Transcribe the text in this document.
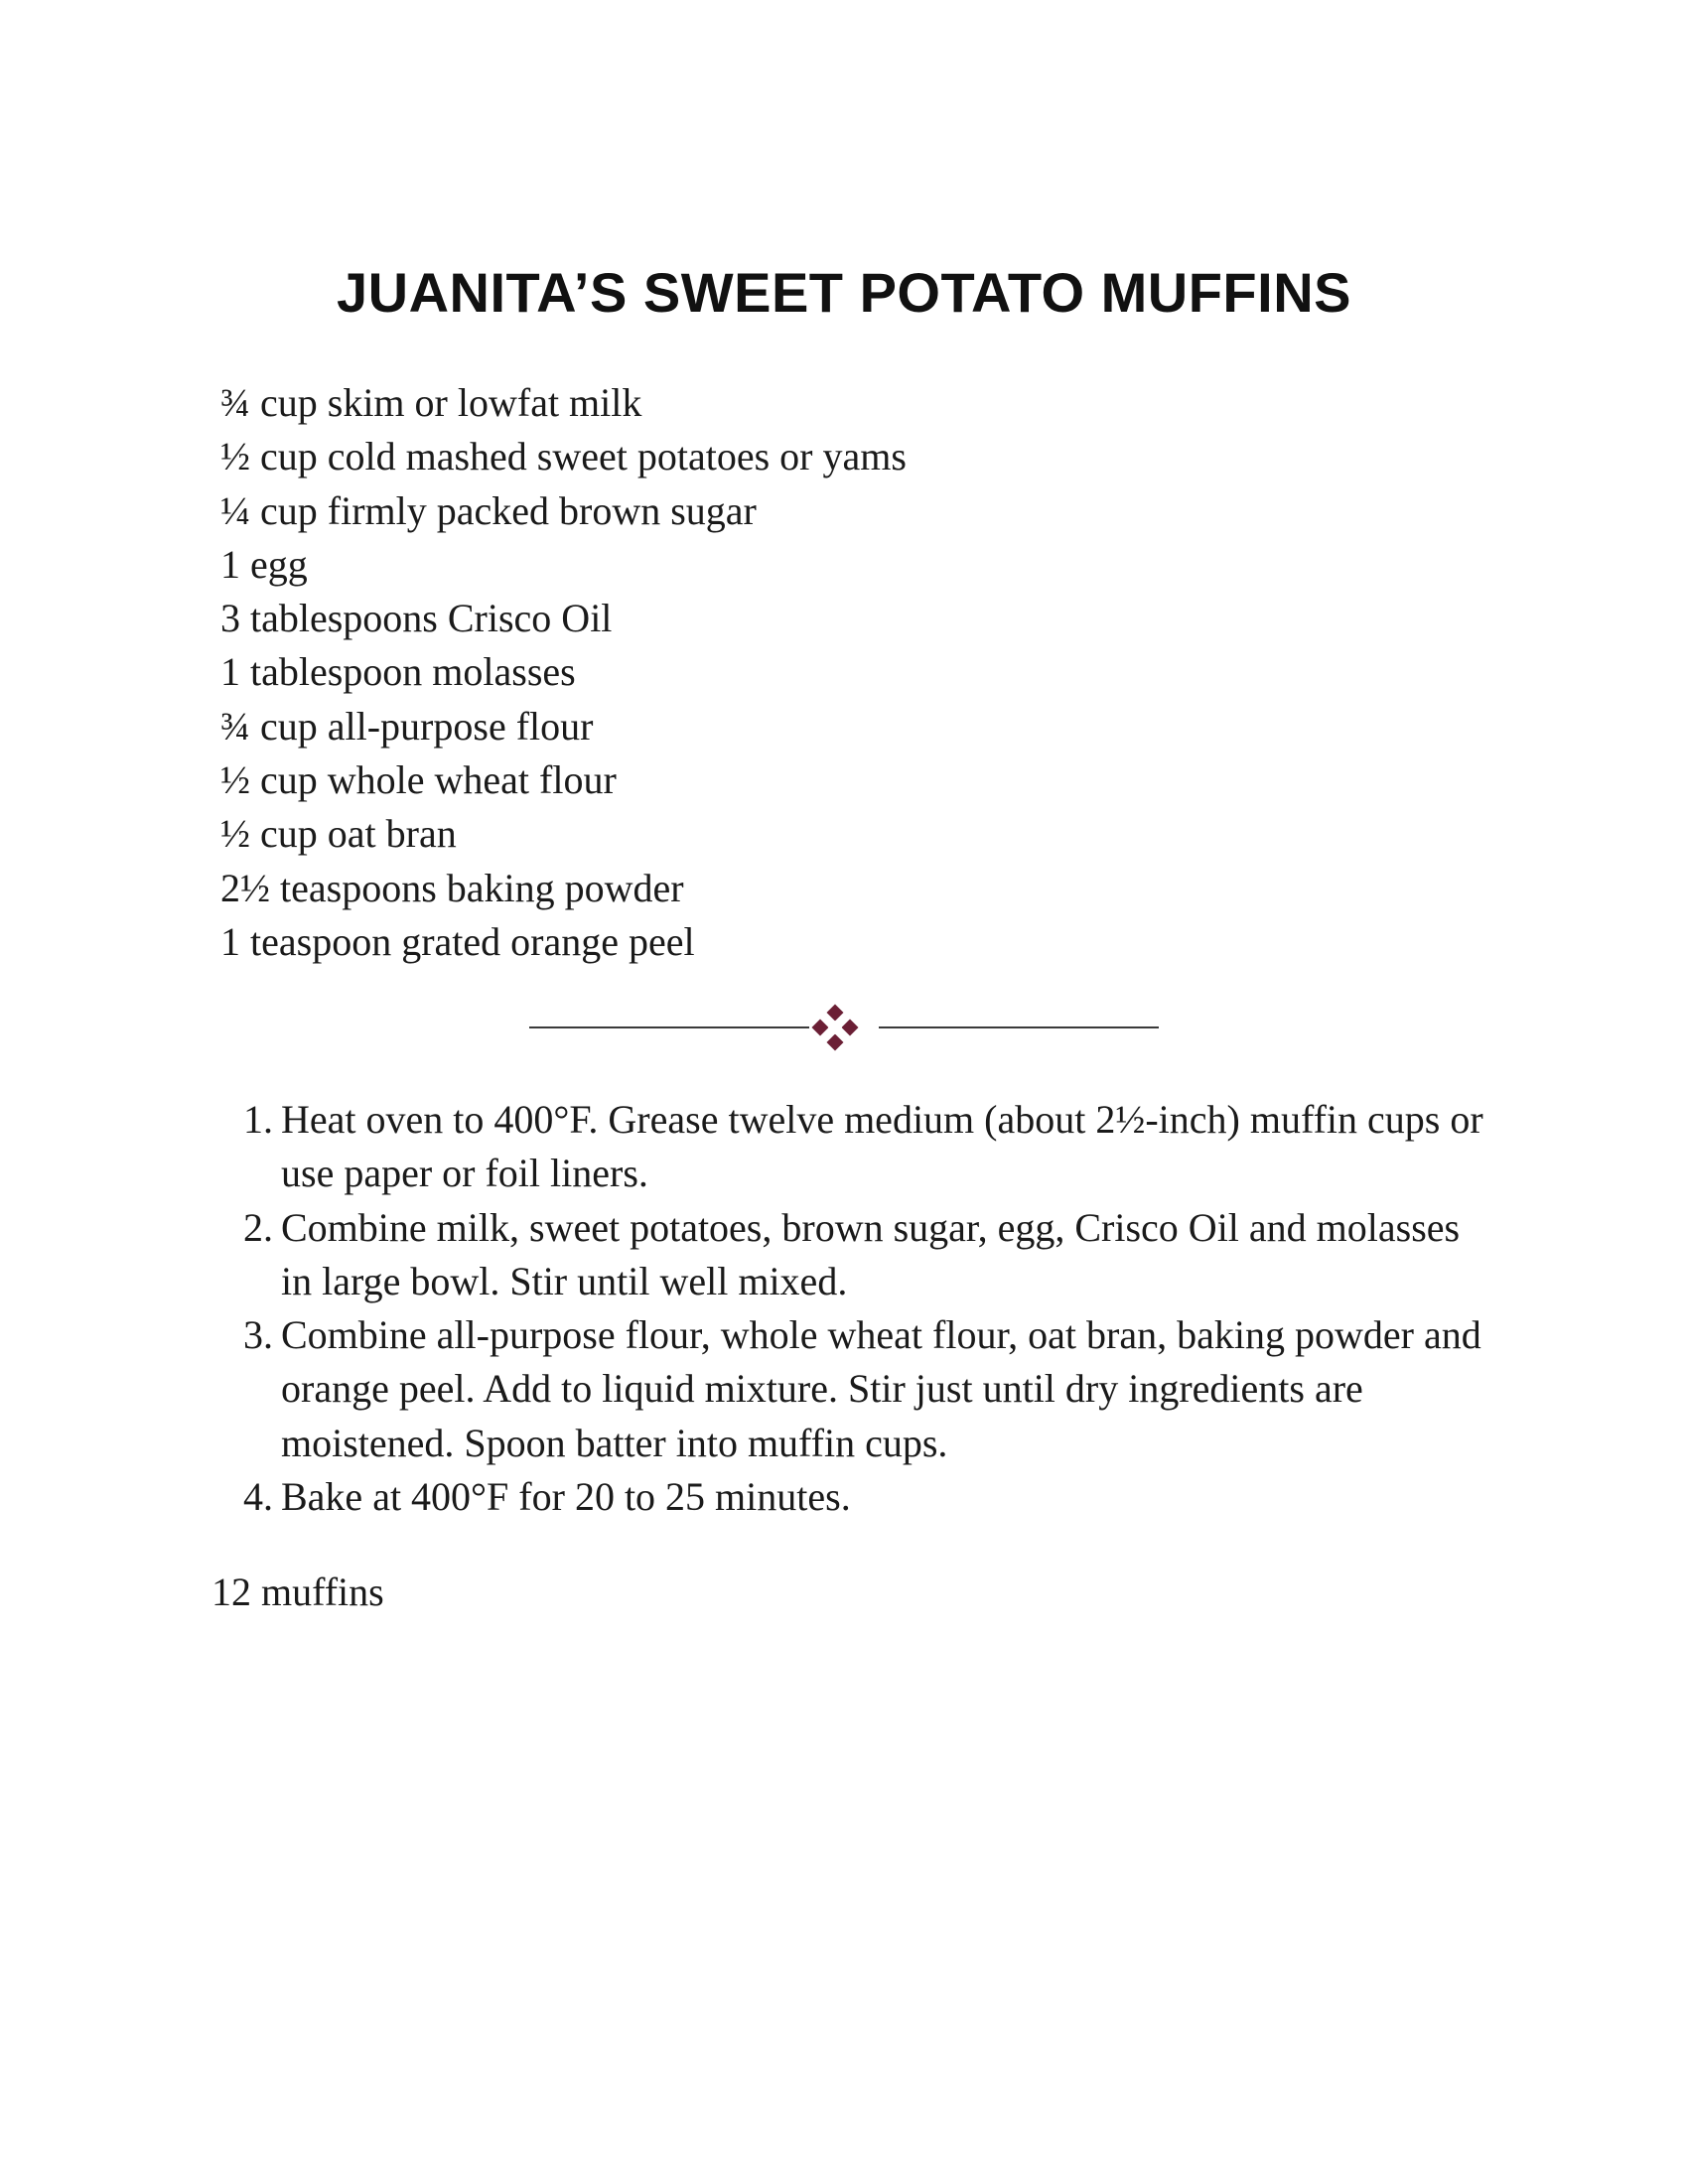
JUANITA’S SWEET POTATO MUFFINS
¾ cup skim or lowfat milk
½ cup cold mashed sweet potatoes or yams
¼ cup firmly packed brown sugar
1 egg
3 tablespoons Crisco Oil
1 tablespoon molasses
¾ cup all-purpose flour
½ cup whole wheat flour
½ cup oat bran
2½ teaspoons baking powder
1 teaspoon grated orange peel
1. Heat oven to 400°F. Grease twelve medium (about 2½-inch) muffin cups or use paper or foil liners.
2. Combine milk, sweet potatoes, brown sugar, egg, Crisco Oil and molasses in large bowl. Stir until well mixed.
3. Combine all-purpose flour, whole wheat flour, oat bran, baking powder and orange peel. Add to liquid mixture. Stir just until dry ingredients are moistened. Spoon batter into muffin cups.
4. Bake at 400°F for 20 to 25 minutes.

12 muffins
